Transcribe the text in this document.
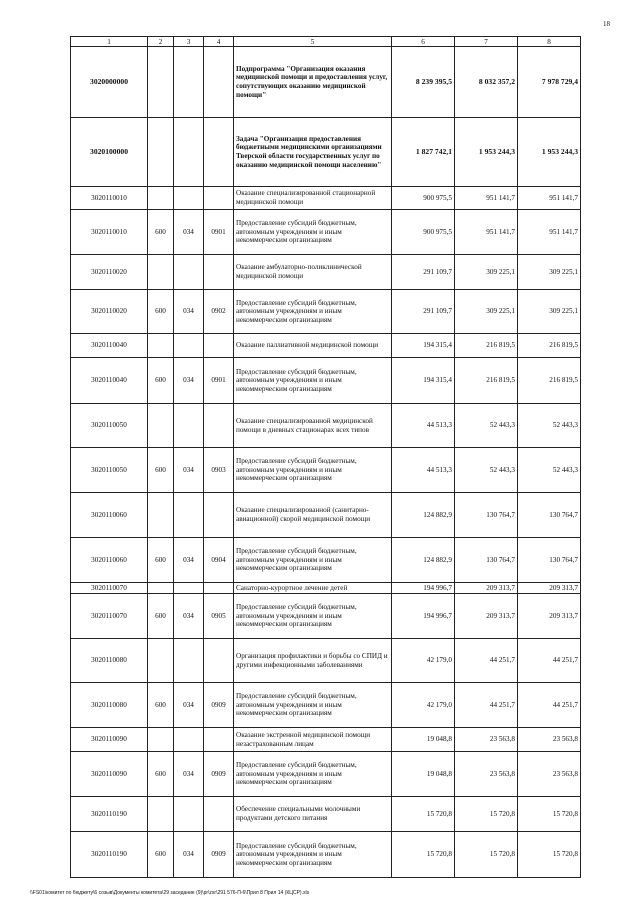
18
1	2	3	4	5	6	7	8
3020000000				Подпрограмма "Организация оказания медицинской помощи и предоставления услуг, сопутствующих оказанию медицинской помощи"	8 239 395,5	8 032 357,2	7 978 729,4
3020100000				Задача "Организация предоставления бюджетными медицинскими организациями Тверской области государственных услуг по оказанию медицинской помощи населению"	1 827 742,1	1 953 244,3	1 953 244,3
3020110010				Оказание специализированной стационарной медицинской помощи	900 975,5	951 141,7	951 141,7
3020110010	600	034	0901	Предоставление субсидий бюджетным, автономным учреждениям и иным некоммерческим организациям	900 975,5	951 141,7	951 141,7
3020110020				Оказание амбулаторно-поликлинической медицинской помощи	291 109,7	309 225,1	309 225,1
3020110020	600	034	0902	Предоставление субсидий бюджетным, автономным учреждениям и иным некоммерческим организациям	291 109,7	309 225,1	309 225,1
3020110040				Оказание паллиативной медицинской помощи	194 315,4	216 819,5	216 819,5
3020110040	600	034	0901	Предоставление субсидий бюджетным, автономным учреждениям и иным некоммерческим организациям	194 315,4	216 819,5	216 819,5
3020110050				Оказание специализированной медицинской помощи в дневных стационарах всех типов	44 513,3	52 443,3	52 443,3
3020110050	600	034	0903	Предоставление субсидий бюджетным, автономным учреждениям и иным некоммерческим организациям	44 513,3	52 443,3	52 443,3
3020110060				Оказание специализированной (санитарно-авиационной) скорой медицинской помощи	124 882,9	130 764,7	130 764,7
3020110060	600	034	0904	Предоставление субсидий бюджетным, автономным учреждениям и иным некоммерческим организациям	124 882,9	130 764,7	130 764,7
3020110070				Санаторно-курортное лечение детей	194 996,7	209 313,7	209 313,7
3020110070	600	034	0905	Предоставление субсидий бюджетным, автономным учреждениям и иным некоммерческим организациям	194 996,7	209 313,7	209 313,7
3020110080				Организация профилактики и борьбы со СПИД и другими инфекционными заболеваниями	42 179,0	44 251,7	44 251,7
3020110080	600	034	0909	Предоставление субсидий бюджетным, автономным учреждениям и иным некоммерческим организациям	42 179,0	44 251,7	44 251,7
3020110090				Оказание экстренной медицинской помощи незастрахованным лицам	19 048,8	23 563,8	23 563,8
3020110090	600	034	0909	Предоставление субсидий бюджетным, автономным учреждениям и иным некоммерческим организациям	19 048,8	23 563,8	23 563,8
3020110190				Обеспечение специальными молочными продуктами детского питания	15 720,8	15 720,8	15 720,8
3020110190	600	034	0909	Предоставление субсидий бюджетным, автономным учреждениям и иным некоммерческим организациям	15 720,8	15 720,8	15 720,8
\\FS01\комитет по бюджету\6 созыв\Документы комитета\29 заседание (9)\pr\zsr\291 576-П-6\Прил 8 Прил 14 (КЦСР).xls
